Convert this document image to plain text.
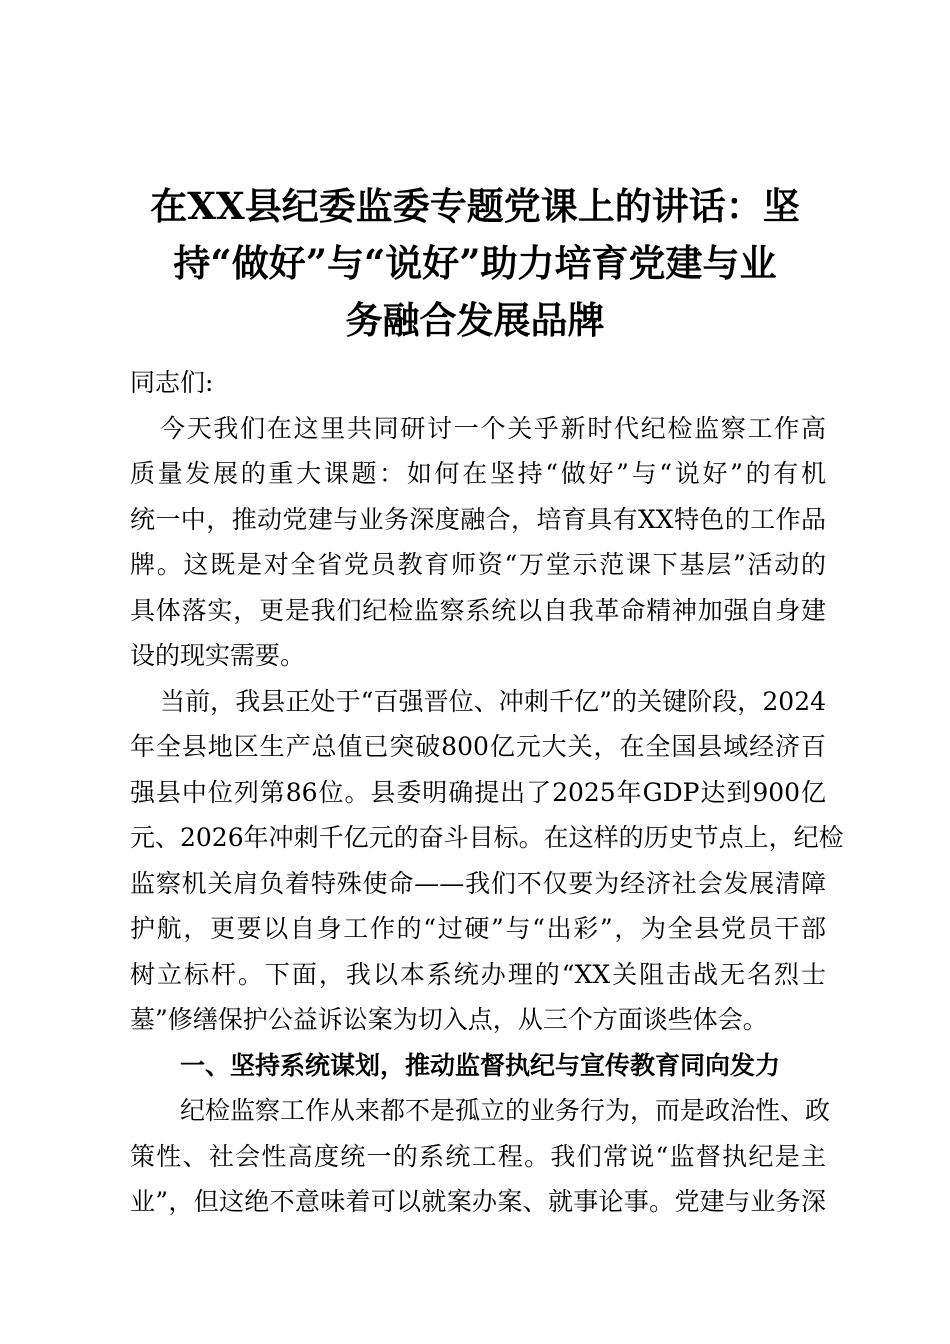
在XX县纪委监委专题党课上的讲话：坚
持“做好”与“说好”助力培育党建与业
务融合发展品牌
同志们:
今天我们在这里共同研讨一个关乎新时代纪检监察工作高
质量发展的重大课题：如何在坚持“做好”与“说好”的有机
统一中，推动党建与业务深度融合，培育具有XX特色的工作品
牌。这既是对全省党员教育师资“万堂示范课下基层”活动的
具体落实，更是我们纪检监察系统以自我革命精神加强自身建
设的现实需要。
当前，我县正处于“百强晋位、冲刺千亿”的关键阶段，2024
年全县地区生产总值已突破800亿元大关，在全国县域经济百
强县中位列第86位。县委明确提出了2025年GDP达到900亿
元、2026年冲刺千亿元的奋斗目标。在这样的历史节点上，纪检
监察机关肩负着特殊使命——我们不仅要为经济社会发展清障
护航，更要以自身工作的“过硬”与“出彩”，为全县党员干部
树立标杆。下面，我以本系统办理的“XX关阻击战无名烈士
墓”修缮保护公益诉讼案为切入点，从三个方面谈些体会。
一、坚持系统谋划，推动监督执纪与宣传教育同向发力
纪检监察工作从来都不是孤立的业务行为，而是政治性、政
策性、社会性高度统一的系统工程。我们常说“监督执纪是主
业”，但这绝不意味着可以就案办案、就事论事。党建与业务深
